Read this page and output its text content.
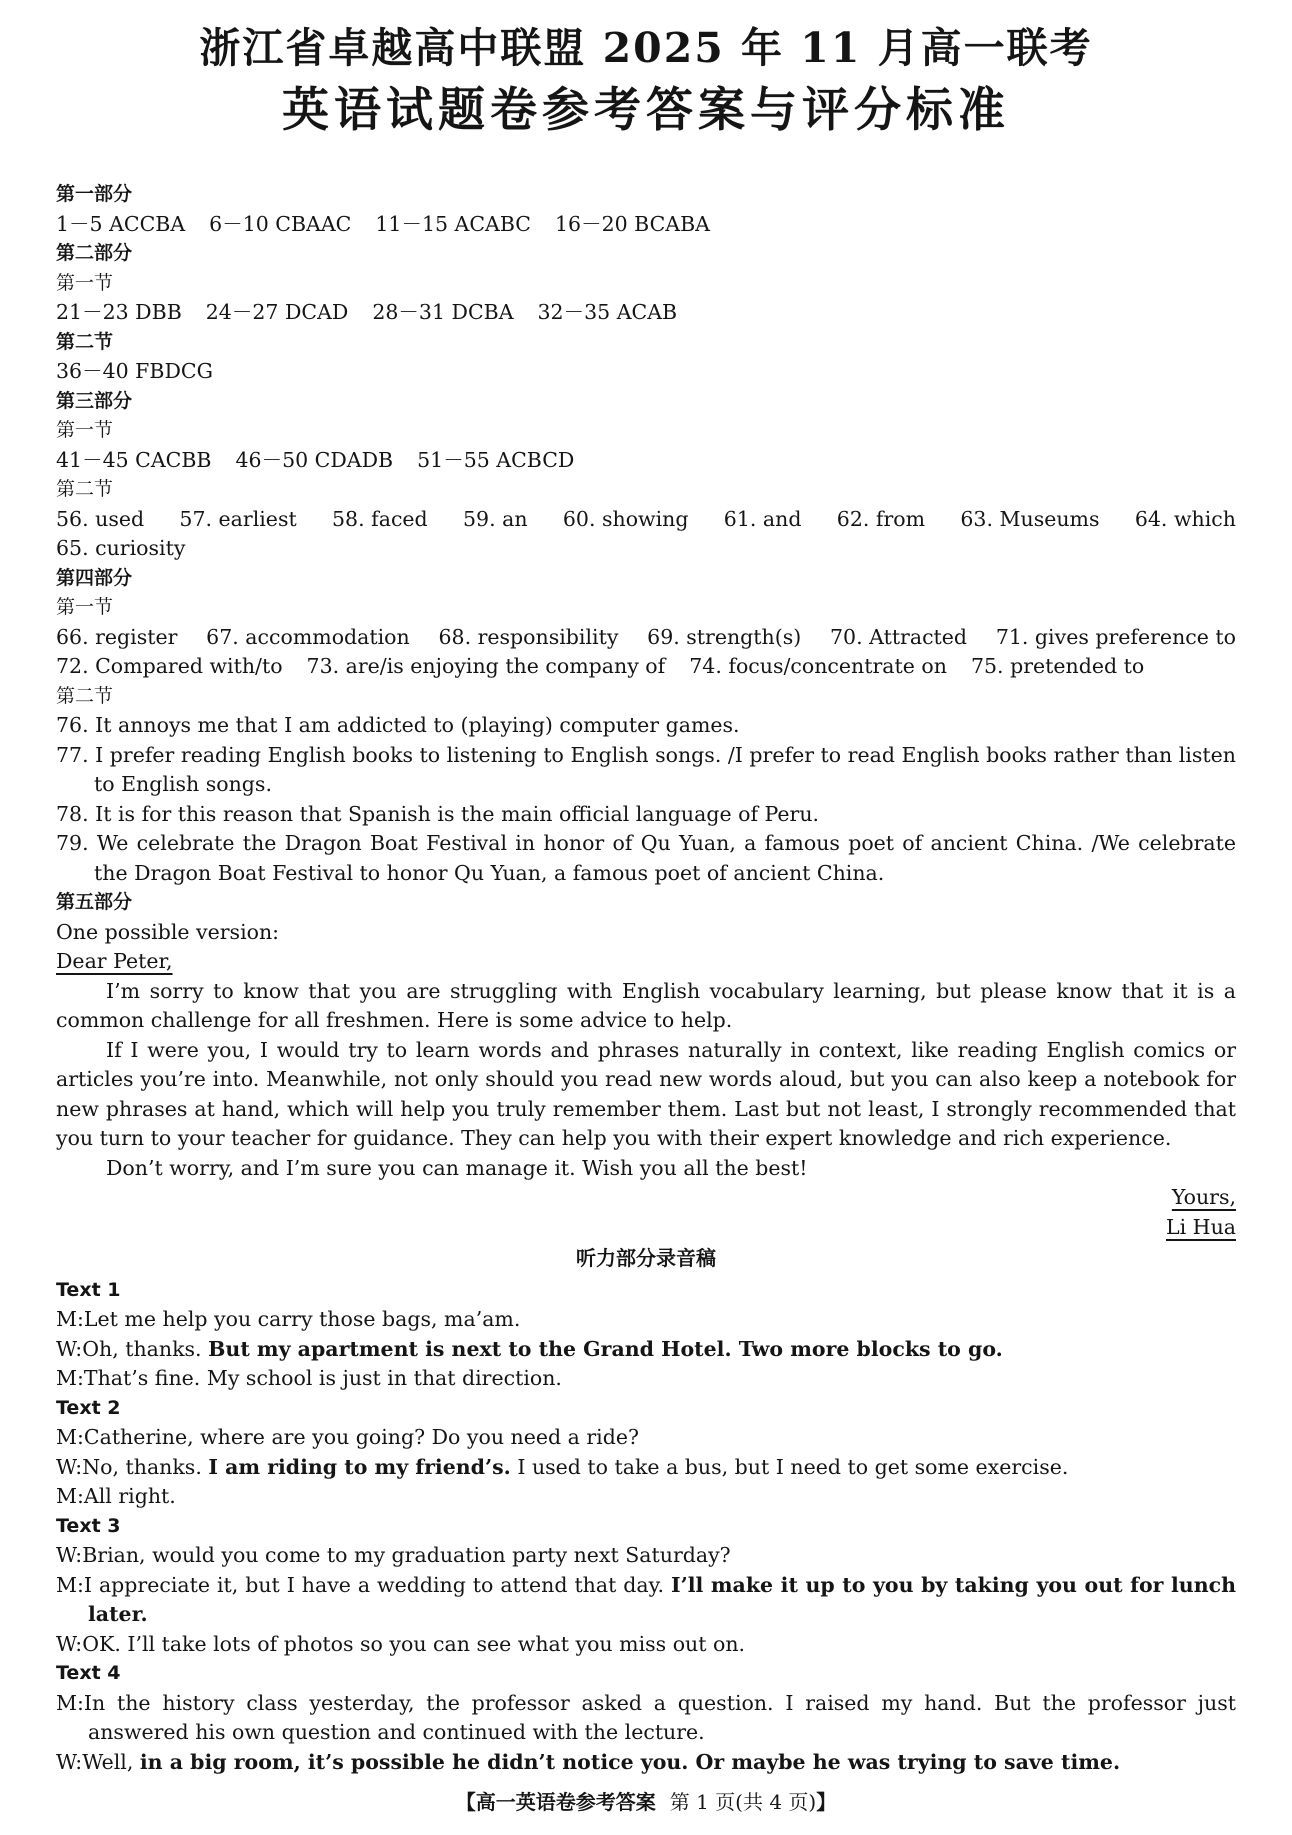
浙江省卓越高中联盟 2025 年 11 月高一联考
英语试题卷参考答案与评分标准
第一部分
1－5 ACCBA 6－10 CBAAC 11－15 ACABC 16－20 BCABA
第二部分
第一节
21－23 DBB 24－27 DCAD 28－31 DCBA 32－35 ACAB
第二节
36－40 FBDCG
第三部分
第一节
41－45 CACBB 46－50 CDADB 51－55 ACBCD
第二节
56. used 57. earliest 58. faced 59. an 60. showing 61. and 62. from 63. Museums 64. which
65. curiosity
第四部分
第一节
66. register 67. accommodation 68. responsibility 69. strength(s) 70. Attracted 71. gives preference to
72. Compared with/to 73. are/is enjoying the company of 74. focus/concentrate on 75. pretended to
第二节
76. It annoys me that I am addicted to (playing) computer games.
77. I prefer reading English books to listening to English songs. /I prefer to read English books rather than listen to English songs.
78. It is for this reason that Spanish is the main official language of Peru.
79. We celebrate the Dragon Boat Festival in honor of Qu Yuan, a famous poet of ancient China. /We celebrate the Dragon Boat Festival to honor Qu Yuan, a famous poet of ancient China.
第五部分
One possible version:
Dear Peter,
I’m sorry to know that you are struggling with English vocabulary learning, but please know that it is a common challenge for all freshmen. Here is some advice to help.
If I were you, I would try to learn words and phrases naturally in context, like reading English comics or articles you’re into. Meanwhile, not only should you read new words aloud, but you can also keep a notebook for new phrases at hand, which will help you truly remember them. Last but not least, I strongly recommended that you turn to your teacher for guidance. They can help you with their expert knowledge and rich experience.
Don’t worry, and I’m sure you can manage it. Wish you all the best!
Yours,
Li Hua
听力部分录音稿
Text 1
M:Let me help you carry those bags, ma’am.
W:Oh, thanks. But my apartment is next to the Grand Hotel. Two more blocks to go.
M:That’s fine. My school is just in that direction.
Text 2
M:Catherine, where are you going? Do you need a ride?
W:No, thanks. I am riding to my friend’s. I used to take a bus, but I need to get some exercise.
M:All right.
Text 3
W:Brian, would you come to my graduation party next Saturday?
M:I appreciate it, but I have a wedding to attend that day. I’ll make it up to you by taking you out for lunch later.
W:OK. I’ll take lots of photos so you can see what you miss out on.
Text 4
M:In the history class yesterday, the professor asked a question. I raised my hand. But the professor just answered his own question and continued with the lecture.
W:Well, in a big room, it’s possible he didn’t notice you. Or maybe he was trying to save time.
【高一英语卷参考答案 第 1 页(共 4 页)】
